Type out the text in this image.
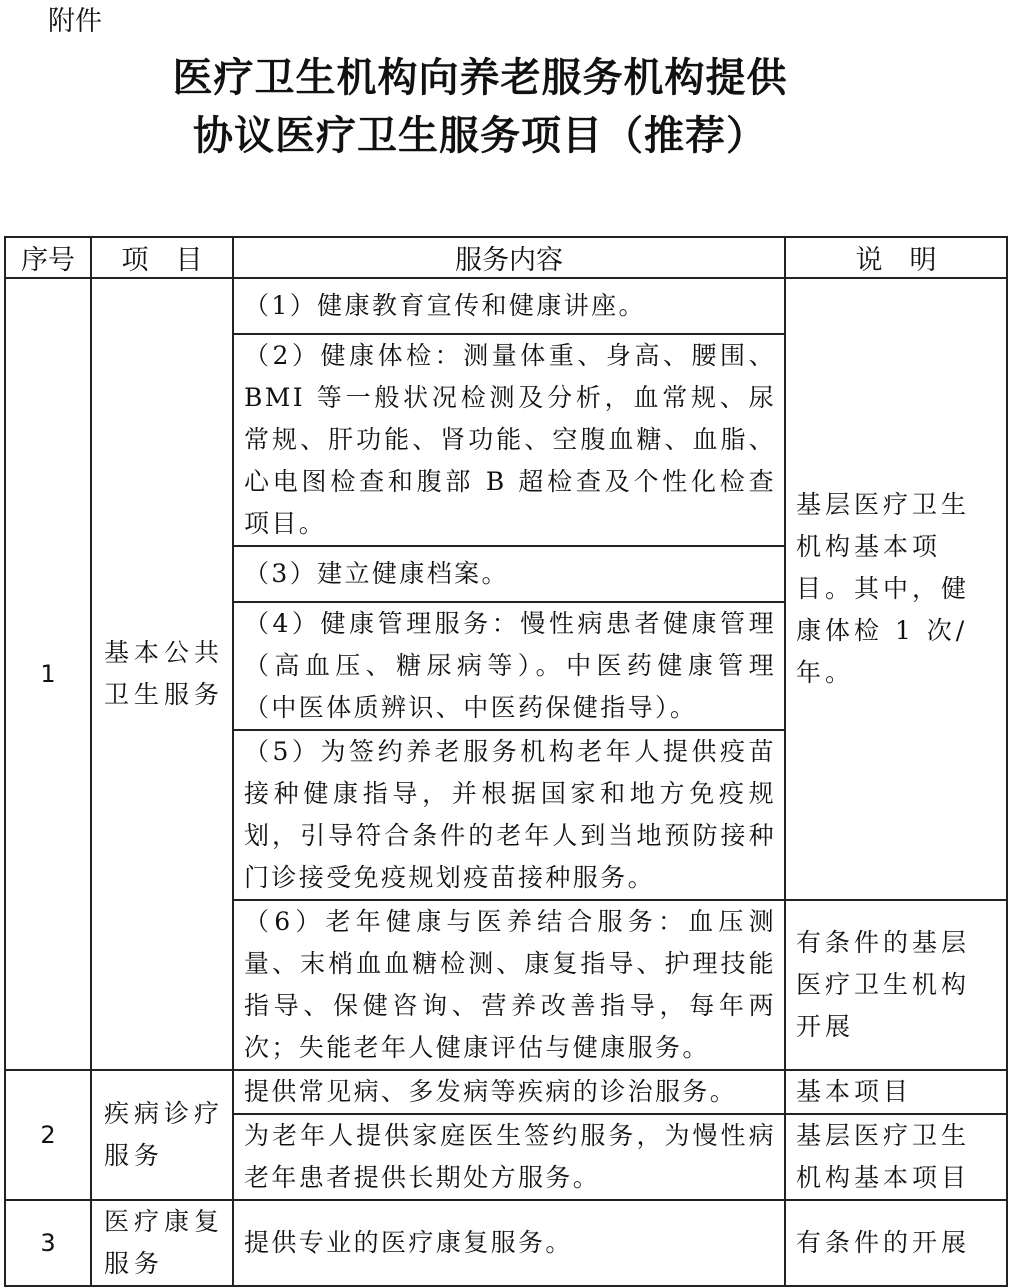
附件
医疗卫生机构向养老服务机构提供
协议医疗卫生服务项目（推荐）
序号	项　目	服务内容	说　明
1	基本公共卫生服务	（1）健康教育宣传和健康讲座。	基层医疗卫生机构基本项目。其中，健康体检 1 次/年。
		（2）健康体检：测量体重、身高、腰围、BMI 等一般状况检测及分析，血常规、尿常规、肝功能、肾功能、空腹血糖、血脂、心电图检查和腹部 B 超检查及个性化检查项目。	
		（3）建立健康档案。	
		（4）健康管理服务：慢性病患者健康管理（高血压、糖尿病等）。中医药健康管理（中医体质辨识、中医药保健指导）。	
		（5）为签约养老服务机构老年人提供疫苗接种健康指导，并根据国家和地方免疫规划，引导符合条件的老年人到当地预防接种门诊接受免疫规划疫苗接种服务。	
		（6）老年健康与医养结合服务：血压测量、末梢血血糖检测、康复指导、护理技能指导、保健咨询、营养改善指导，每年两次；失能老年人健康评估与健康服务。	有条件的基层医疗卫生机构开展
2	疾病诊疗服务	提供常见病、多发病等疾病的诊治服务。	基本项目
		为老年人提供家庭医生签约服务，为慢性病老年患者提供长期处方服务。	基层医疗卫生机构基本项目
3	医疗康复服务	提供专业的医疗康复服务。	有条件的开展
